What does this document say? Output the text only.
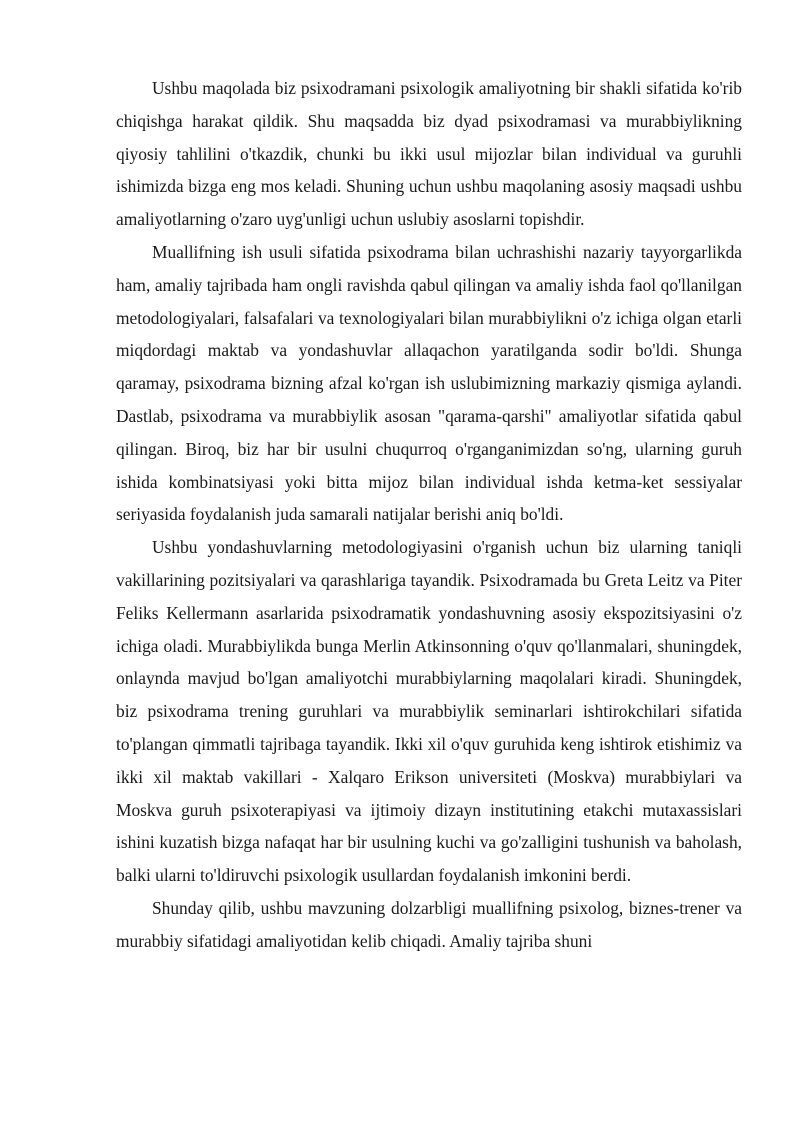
Ushbu maqolada biz psixodramani psixologik amaliyotning bir shakli sifatida ko'rib chiqishga harakat qildik. Shu maqsadda biz dyad psixodramasi va murabbiylikning qiyosiy tahlilini o'tkazdik, chunki bu ikki usul mijozlar bilan individual va guruhli ishimizda bizga eng mos keladi. Shuning uchun ushbu maqolaning asosiy maqsadi ushbu amaliyotlarning o'zaro uyg'unligi uchun uslubiy asoslarni topishdir.

Muallifning ish usuli sifatida psixodrama bilan uchrashishi nazariy tayyorgarlikda ham, amaliy tajribada ham ongli ravishda qabul qilingan va amaliy ishda faol qo'llanilgan metodologiyalari, falsafalari va texnologiyalari bilan murabbiylikni o'z ichiga olgan etarli miqdordagi maktab va yondashuvlar allaqachon yaratilganda sodir bo'ldi. Shunga qaramay, psixodrama bizning afzal ko'rgan ish uslubimizning markaziy qismiga aylandi. Dastlab, psixodrama va murabbiylik asosan "qarama-qarshi" amaliyotlar sifatida qabul qilingan. Biroq, biz har bir usulni chuqurroq o'rganganimizdan so'ng, ularning guruh ishida kombinatsiyasi yoki bitta mijoz bilan individual ishda ketma-ket sessiyalar seriyasida foydalanish juda samarali natijalar berishi aniq bo'ldi.

Ushbu yondashuvlarning metodologiyasini o'rganish uchun biz ularning taniqli vakillarining pozitsiyalari va qarashlariga tayandik. Psixodramada bu Greta Leitz va Piter Feliks Kellermann asarlarida psixodramatik yondashuvning asosiy ekspozitsiyasini o'z ichiga oladi. Murabbiylikda bunga Merlin Atkinsonning o'quv qo'llanmalari, shuningdek, onlaynda mavjud bo'lgan amaliyotchi murabbiylarning maqolalari kiradi. Shuningdek, biz psixodrama trening guruhlari va murabbiylik seminarlari ishtirokchilari sifatida to'plangan qimmatli tajribaga tayandik. Ikki xil o'quv guruhida keng ishtirok etishimiz va ikki xil maktab vakillari - Xalqaro Erikson universiteti (Moskva) murabbiylari va Moskva guruh psixoterapiyasi va ijtimoiy dizayn institutining etakchi mutaxassislari ishini kuzatish bizga nafaqat har bir usulning kuchi va go'zalligini tushunish va baholash, balki ularni to'ldiruvchi psixologik usullardan foydalanish imkonini berdi.

Shunday qilib, ushbu mavzuning dolzarbligi muallifning psixolog, biznes-trener va murabbiy sifatidagi amaliyotidan kelib chiqadi. Amaliy tajriba shuni
